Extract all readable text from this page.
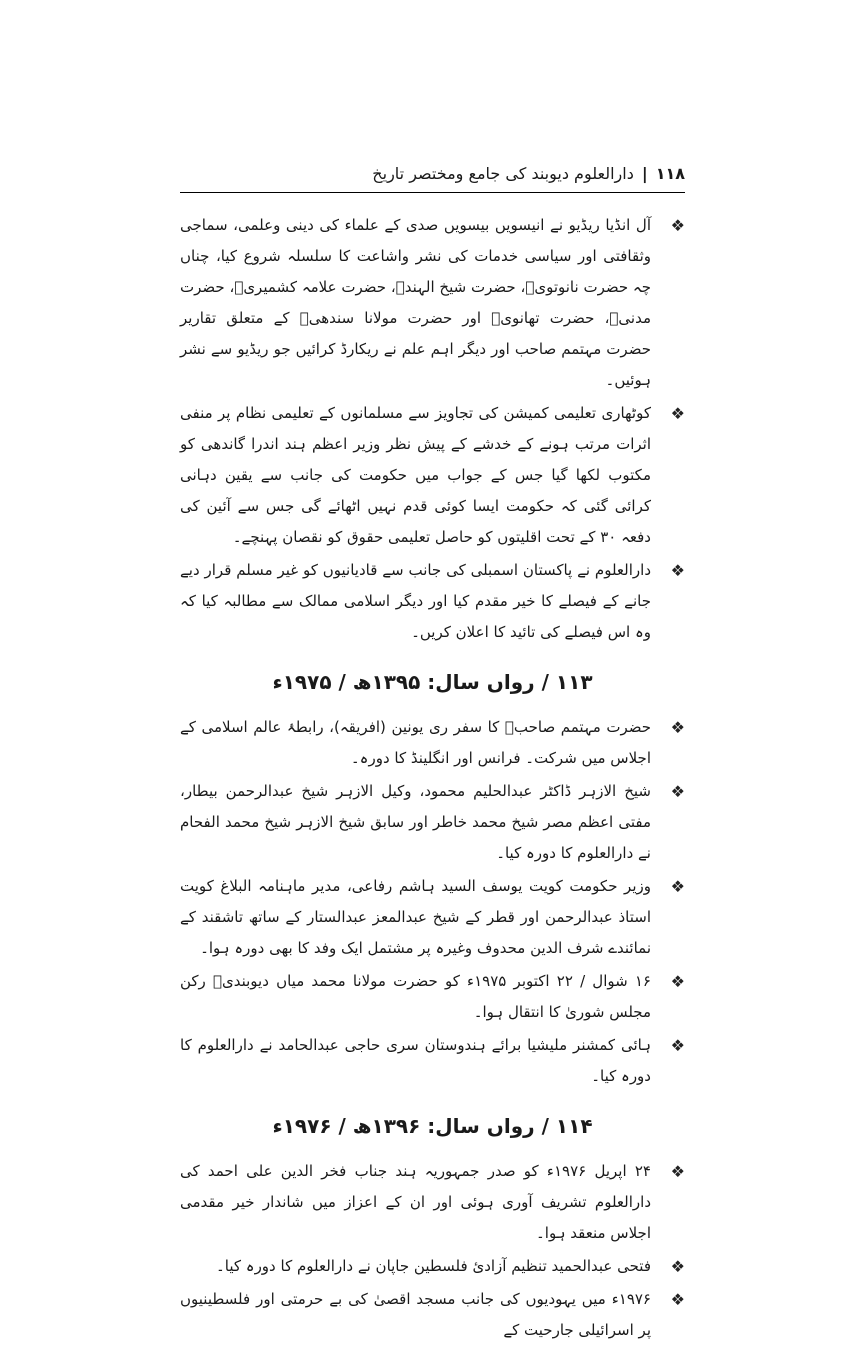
۱۱۸
|
دارالعلوم دیوبند کی جامع ومختصر تاریخ
❖
آل انڈیا ریڈیو نے انیسویں بیسویں صدی کے علماء کی دینی وعلمی، سماجی وثقافتی اور سیاسی خدمات کی نشر واشاعت کا سلسلہ شروع کیا، چناں چہ حضرت نانوتویؒ، حضرت شیخ الہندؒ، حضرت علامہ کشمیریؒ، حضرت مدنیؒ، حضرت تھانویؒ اور حضرت مولانا سندھیؒ کے متعلق تقاریر حضرت مہتمم صاحب اور دیگر اہم علم نے ریکارڈ کرائیں جو ریڈیو سے نشر ہوئیں۔
❖
کوٹھاری تعلیمی کمیشن کی تجاویز سے مسلمانوں کے تعلیمی نظام پر منفی اثرات مرتب ہونے کے خدشے کے پیش نظر وزیر اعظم ہند اندرا گاندھی کو مکتوب لکھا گیا جس کے جواب میں حکومت کی جانب سے یقین دہانی کرائی گئی کہ حکومت ایسا کوئی قدم نہیں اٹھائے گی جس سے آئین کی دفعہ ۳۰ کے تحت اقلیتوں کو حاصل تعلیمی حقوق کو نقصان پہنچے۔
❖
دارالعلوم نے پاکستان اسمبلی کی جانب سے قادیانیوں کو غیر مسلم قرار دیے جانے کے فیصلے کا خیر مقدم کیا اور دیگر اسلامی ممالک سے مطالبہ کیا کہ وہ اس فیصلے کی تائید کا اعلان کریں۔
۱۱۳ / رواں سال: ۱۳۹۵ھ / ۱۹۷۵ء
❖
حضرت مہتمم صاحبؒ کا سفر ری یونین (افریقہ)، رابطۂ عالم اسلامی کے اجلاس میں شرکت۔ فرانس اور انگلینڈ کا دورہ۔
❖
شیخ الازہر ڈاکٹر عبدالحلیم محمود، وکیل الازہر شیخ عبدالرحمن بیطار، مفتی اعظم مصر شیخ محمد خاطر اور سابق شیخ الازہر شیخ محمد الفحام نے دارالعلوم کا دورہ کیا۔
❖
وزیر حکومت کویت یوسف السید ہاشم رفاعی، مدیر ماہنامہ البلاغ کویت استاذ عبدالرحمن اور قطر کے شیخ عبدالمعز عبدالستار کے ساتھ تاشقند کے نمائندے شرف الدین محدوف وغیرہ پر مشتمل ایک وفد کا بھی دورہ ہوا۔
❖
۱۶ شوال / ۲۲ اکتوبر ۱۹۷۵ء کو حضرت مولانا محمد میاں دیوبندیؒ رکن مجلس شوریٰ کا انتقال ہوا۔
❖
ہائی کمشنر ملیشیا برائے ہندوستان سری حاجی عبدالحامد نے دارالعلوم کا دورہ کیا۔
۱۱۴ / رواں سال: ۱۳۹۶ھ / ۱۹۷۶ء
❖
۲۴ اپریل ۱۹۷۶ء کو صدر جمہوریہ ہند جناب فخر الدین علی احمد کی دارالعلوم تشریف آوری ہوئی اور ان کے اعزاز میں شاندار خیر مقدمی اجلاس منعقد ہوا۔
❖
فتحی عبدالحمید تنظیم آزادیٔ فلسطین جاپان نے دارالعلوم کا دورہ کیا۔
❖
۱۹۷۶ء میں یہودیوں کی جانب مسجد اقصیٰ کی بے حرمتی اور فلسطینیوں پر اسرائیلی جارحیت کے
